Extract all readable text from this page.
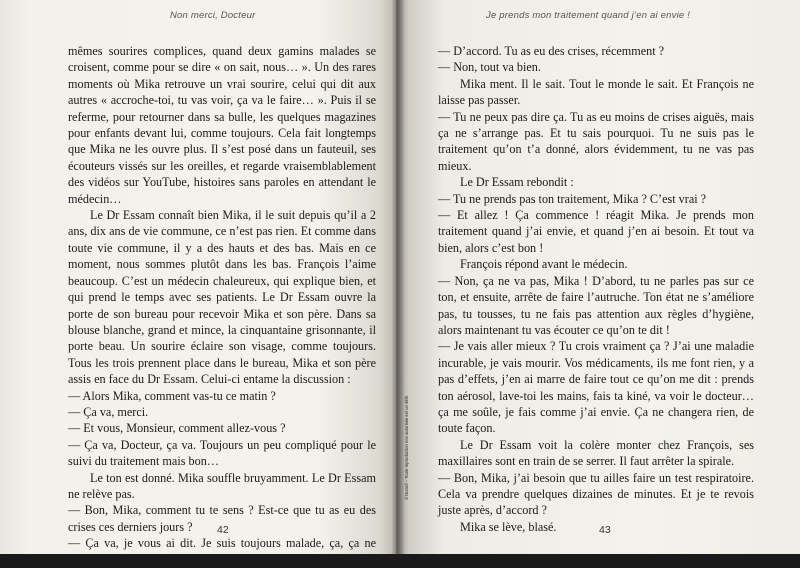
Non merci, Docteur

mêmes sourires complices, quand deux gamins malades se croisent, comme pour se dire « on sait, nous… ». Un des rares moments où Mika retrouve un vrai sourire, celui qui dit aux autres « accroche-toi, tu vas voir, ça va le faire… ». Puis il se referme, pour retourner dans sa bulle, les quelques magazines pour enfants devant lui, comme toujours. Cela fait longtemps que Mika ne les ouvre plus. Il s’est posé dans un fauteuil, ses écouteurs vissés sur les oreilles, et regarde vraisemblablement des vidéos sur YouTube, histoires sans paroles en attendant le médecin…

Le Dr Essam connaît bien Mika, il le suit depuis qu’il a 2 ans, dix ans de vie commune, ce n’est pas rien. Et comme dans toute vie commune, il y a des hauts et des bas. Mais en ce moment, nous sommes plutôt dans les bas. François l’aime beaucoup. C’est un médecin chaleureux, qui explique bien, et qui prend le temps avec ses patients. Le Dr Essam ouvre la porte de son bureau pour recevoir Mika et son père. Dans sa blouse blanche, grand et mince, la cinquantaine grisonnante, il porte beau. Un sourire éclaire son visage, comme toujours. Tous les trois prennent place dans le bureau, Mika et son père assis en face du Dr Essam. Celui-ci entame la discussion :

— Alors Mika, comment vas-tu ce matin ?

— Ça va, merci.

— Et vous, Monsieur, comment allez-vous ?

— Ça va, Docteur, ça va. Toujours un peu compliqué pour le suivi du traitement mais bon…

Le ton est donné. Mika souffle bruyamment. Le Dr Essam ne relève pas.

— Bon, Mika, comment tu te sens ? Est-ce que tu as eu des crises ces derniers jours ?

— Ça va, je vous ai dit. Je suis toujours malade, ça, ça ne change pas. Alors, ça va.

42
Je prends mon traitement quand j’en ai envie !
© Dunod – Toute reproduction non autorisée est un délit.

— D’accord. Tu as eu des crises, récemment ?

— Non, tout va bien.

Mika ment. Il le sait. Tout le monde le sait. Et François ne laisse pas passer.

— Tu ne peux pas dire ça. Tu as eu moins de crises aiguës, mais ça ne s’arrange pas. Et tu sais pourquoi. Tu ne suis pas le traitement qu’on t’a donné, alors évidemment, tu ne vas pas mieux.

Le Dr Essam rebondit :

— Tu ne prends pas ton traitement, Mika ? C’est vrai ?

— Et allez ! Ça commence ! réagit Mika. Je prends mon traitement quand j’ai envie, et quand j’en ai besoin. Et tout va bien, alors c’est bon !

François répond avant le médecin.

— Non, ça ne va pas, Mika ! D’abord, tu ne parles pas sur ce ton, et ensuite, arrête de faire l’autruche. Ton état ne s’améliore pas, tu tousses, tu ne fais pas attention aux règles d’hygiène, alors maintenant tu vas écouter ce qu’on te dit !

— Je vais aller mieux ? Tu crois vraiment ça ? J’ai une maladie incurable, je vais mourir. Vos médicaments, ils me font rien, y a pas d’effets, j’en ai marre de faire tout ce qu’on me dit : prends ton aérosol, lave-toi les mains, fais ta kiné, va voir le docteur… ça me soûle, je fais comme j’ai envie. Ça ne changera rien, de toute façon.

Le Dr Essam voit la colère monter chez François, ses maxillaires sont en train de se serrer. Il faut arrêter la spirale.

— Bon, Mika, j’ai besoin que tu ailles faire un test respiratoire. Cela va prendre quelques dizaines de minutes. Et je te revois juste après, d’accord ?

Mika se lève, blasé.	43
